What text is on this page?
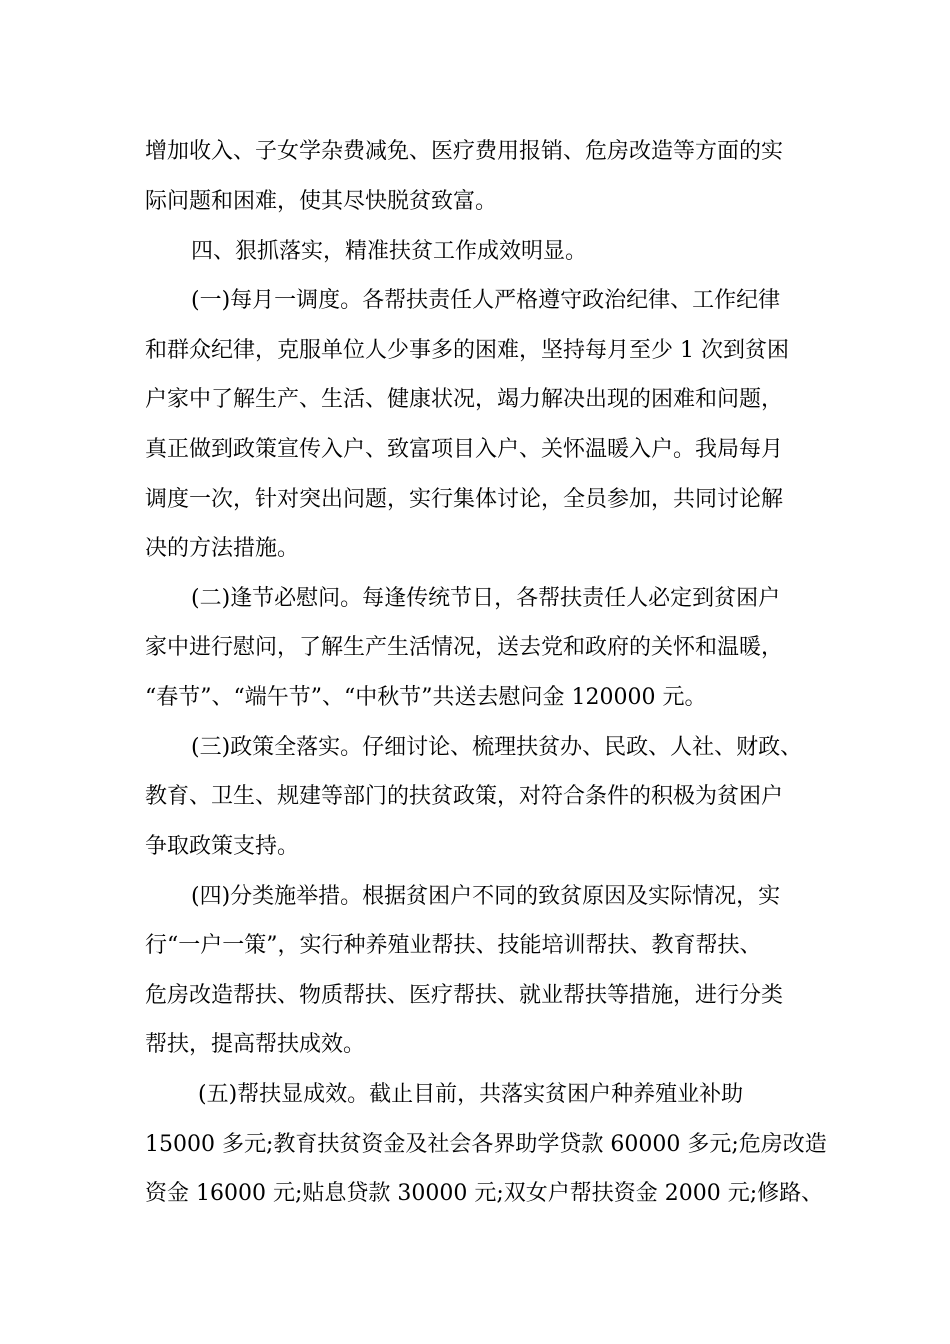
增加收入、子女学杂费减免、医疗费用报销、危房改造等方面的实
际问题和困难，使其尽快脱贫致富。
四、狠抓落实，精准扶贫工作成效明显。
(一)每月一调度。各帮扶责任人严格遵守政治纪律、工作纪律
和群众纪律，克服单位人少事多的困难，坚持每月至少 1 次到贫困
户家中了解生产、生活、健康状况，竭力解决出现的困难和问题，
真正做到政策宣传入户、致富项目入户、关怀温暖入户。我局每月
调度一次，针对突出问题，实行集体讨论，全员参加，共同讨论解
决的方法措施。
(二)逢节必慰问。每逢传统节日，各帮扶责任人必定到贫困户
家中进行慰问，了解生产生活情况，送去党和政府的关怀和温暖，
“春节”、“端午节”、“中秋节”共送去慰问金 120000 元。
(三)政策全落实。仔细讨论、梳理扶贫办、民政、人社、财政、
教育、卫生、规建等部门的扶贫政策，对符合条件的积极为贫困户
争取政策支持。
(四)分类施举措。根据贫困户不同的致贫原因及实际情况，实
行“一户一策”，实行种养殖业帮扶、技能培训帮扶、教育帮扶、
危房改造帮扶、物质帮扶、医疗帮扶、就业帮扶等措施，进行分类
帮扶，提高帮扶成效。
(五)帮扶显成效。截止目前，共落实贫困户种养殖业补助
15000 多元;教育扶贫资金及社会各界助学贷款 60000 多元;危房改造
资金 16000 元;贴息贷款 30000 元;双女户帮扶资金 2000 元;修路、
